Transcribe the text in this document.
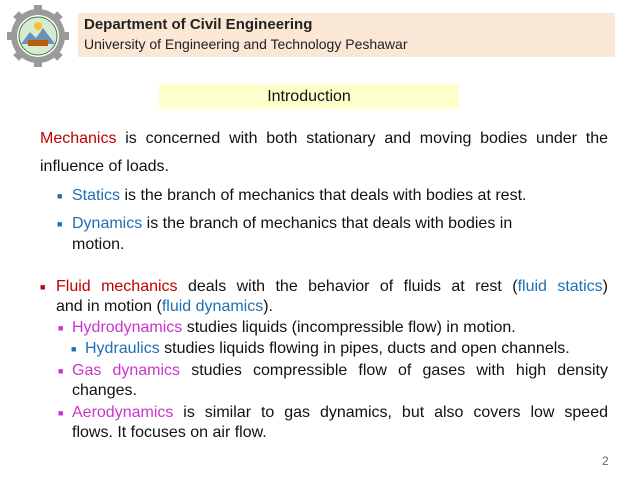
Department of Civil Engineering
University of Engineering and Technology Peshawar
Introduction
Mechanics is concerned with both stationary and moving bodies under the
influence of loads.
■ Statics is the branch of mechanics that deals with bodies at rest.
■ Dynamics is the branch of mechanics that deals with bodies in
motion.
■ Fluid mechanics deals with the behavior of fluids at rest (fluid statics)
and in motion (fluid dynamics).
■ Hydrodynamics studies liquids (incompressible flow) in motion.
■ Hydraulics studies liquids flowing in pipes, ducts and open channels.
■ Gas dynamics studies compressible flow of gases with high density
changes.
■ Aerodynamics is similar to gas dynamics, but also covers low speed
flows. It focuses on air flow.
2
